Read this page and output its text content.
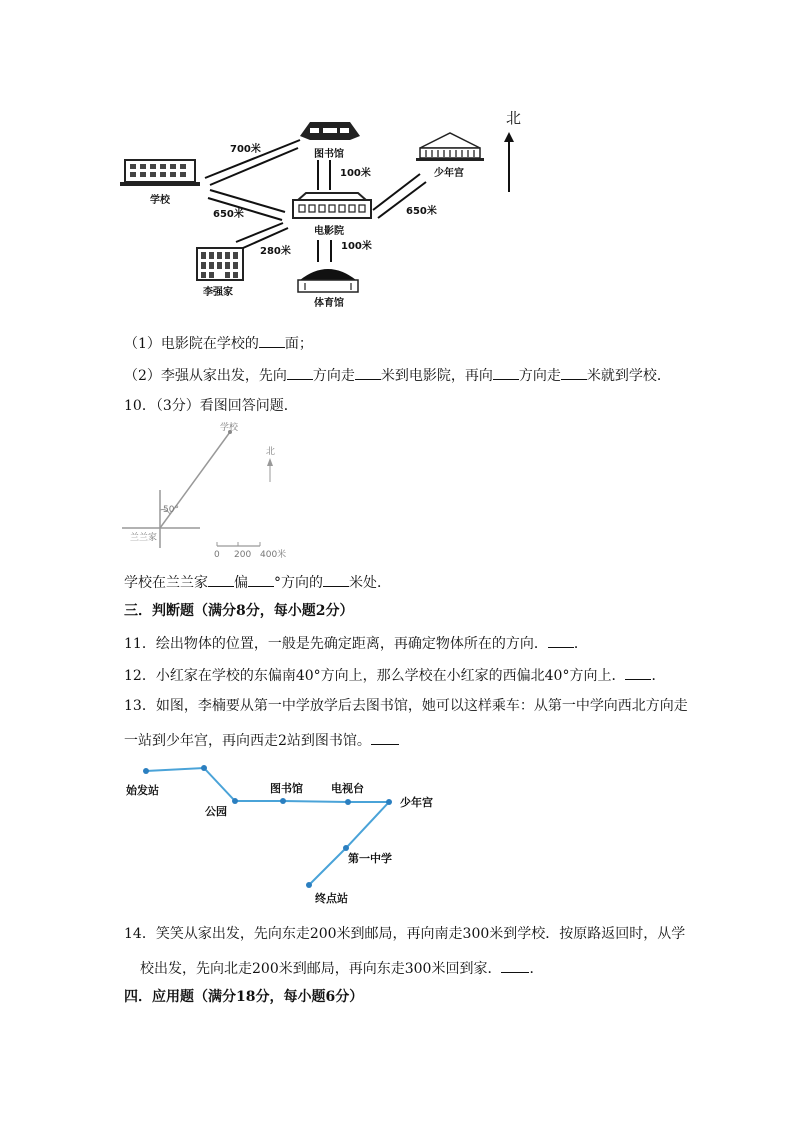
北
图书馆
100米
学校
700米
650米
电影院
少年宫
650米
李强家
280米	100米
体育馆
（1）电影院在学校的 面；
（2）李强从家出发，先向 方向走 米到电影院，再向 方向走 米就到学校．
10．（3分）看图回答问题．
学校
50°
兰兰家
北
0 200 400米
学校在兰兰家 偏 °方向的 米处．
三．判断题（满分8分，每小题2分）
11．绘出物体的位置，一般是先确定距离，再确定物体所在的方向． ．
12．小红家在学校的东偏南40°方向上，那么学校在小红家的西偏北40°方向上． ．
13．如图，李楠要从第一中学放学后去图书馆，她可以这样乘车：从第一中学向西北方向走
一站到少年宫，再向西走2站到图书馆。
始发站
公园
图书馆	电视台
少年宫
第一中学
终点站
14．笑笑从家出发，先向东走200米到邮局，再向南走300米到学校．按原路返回时，从学
校出发，先向北走200米到邮局，再向东走300米回到家． ．
四．应用题（满分18分，每小题6分）
